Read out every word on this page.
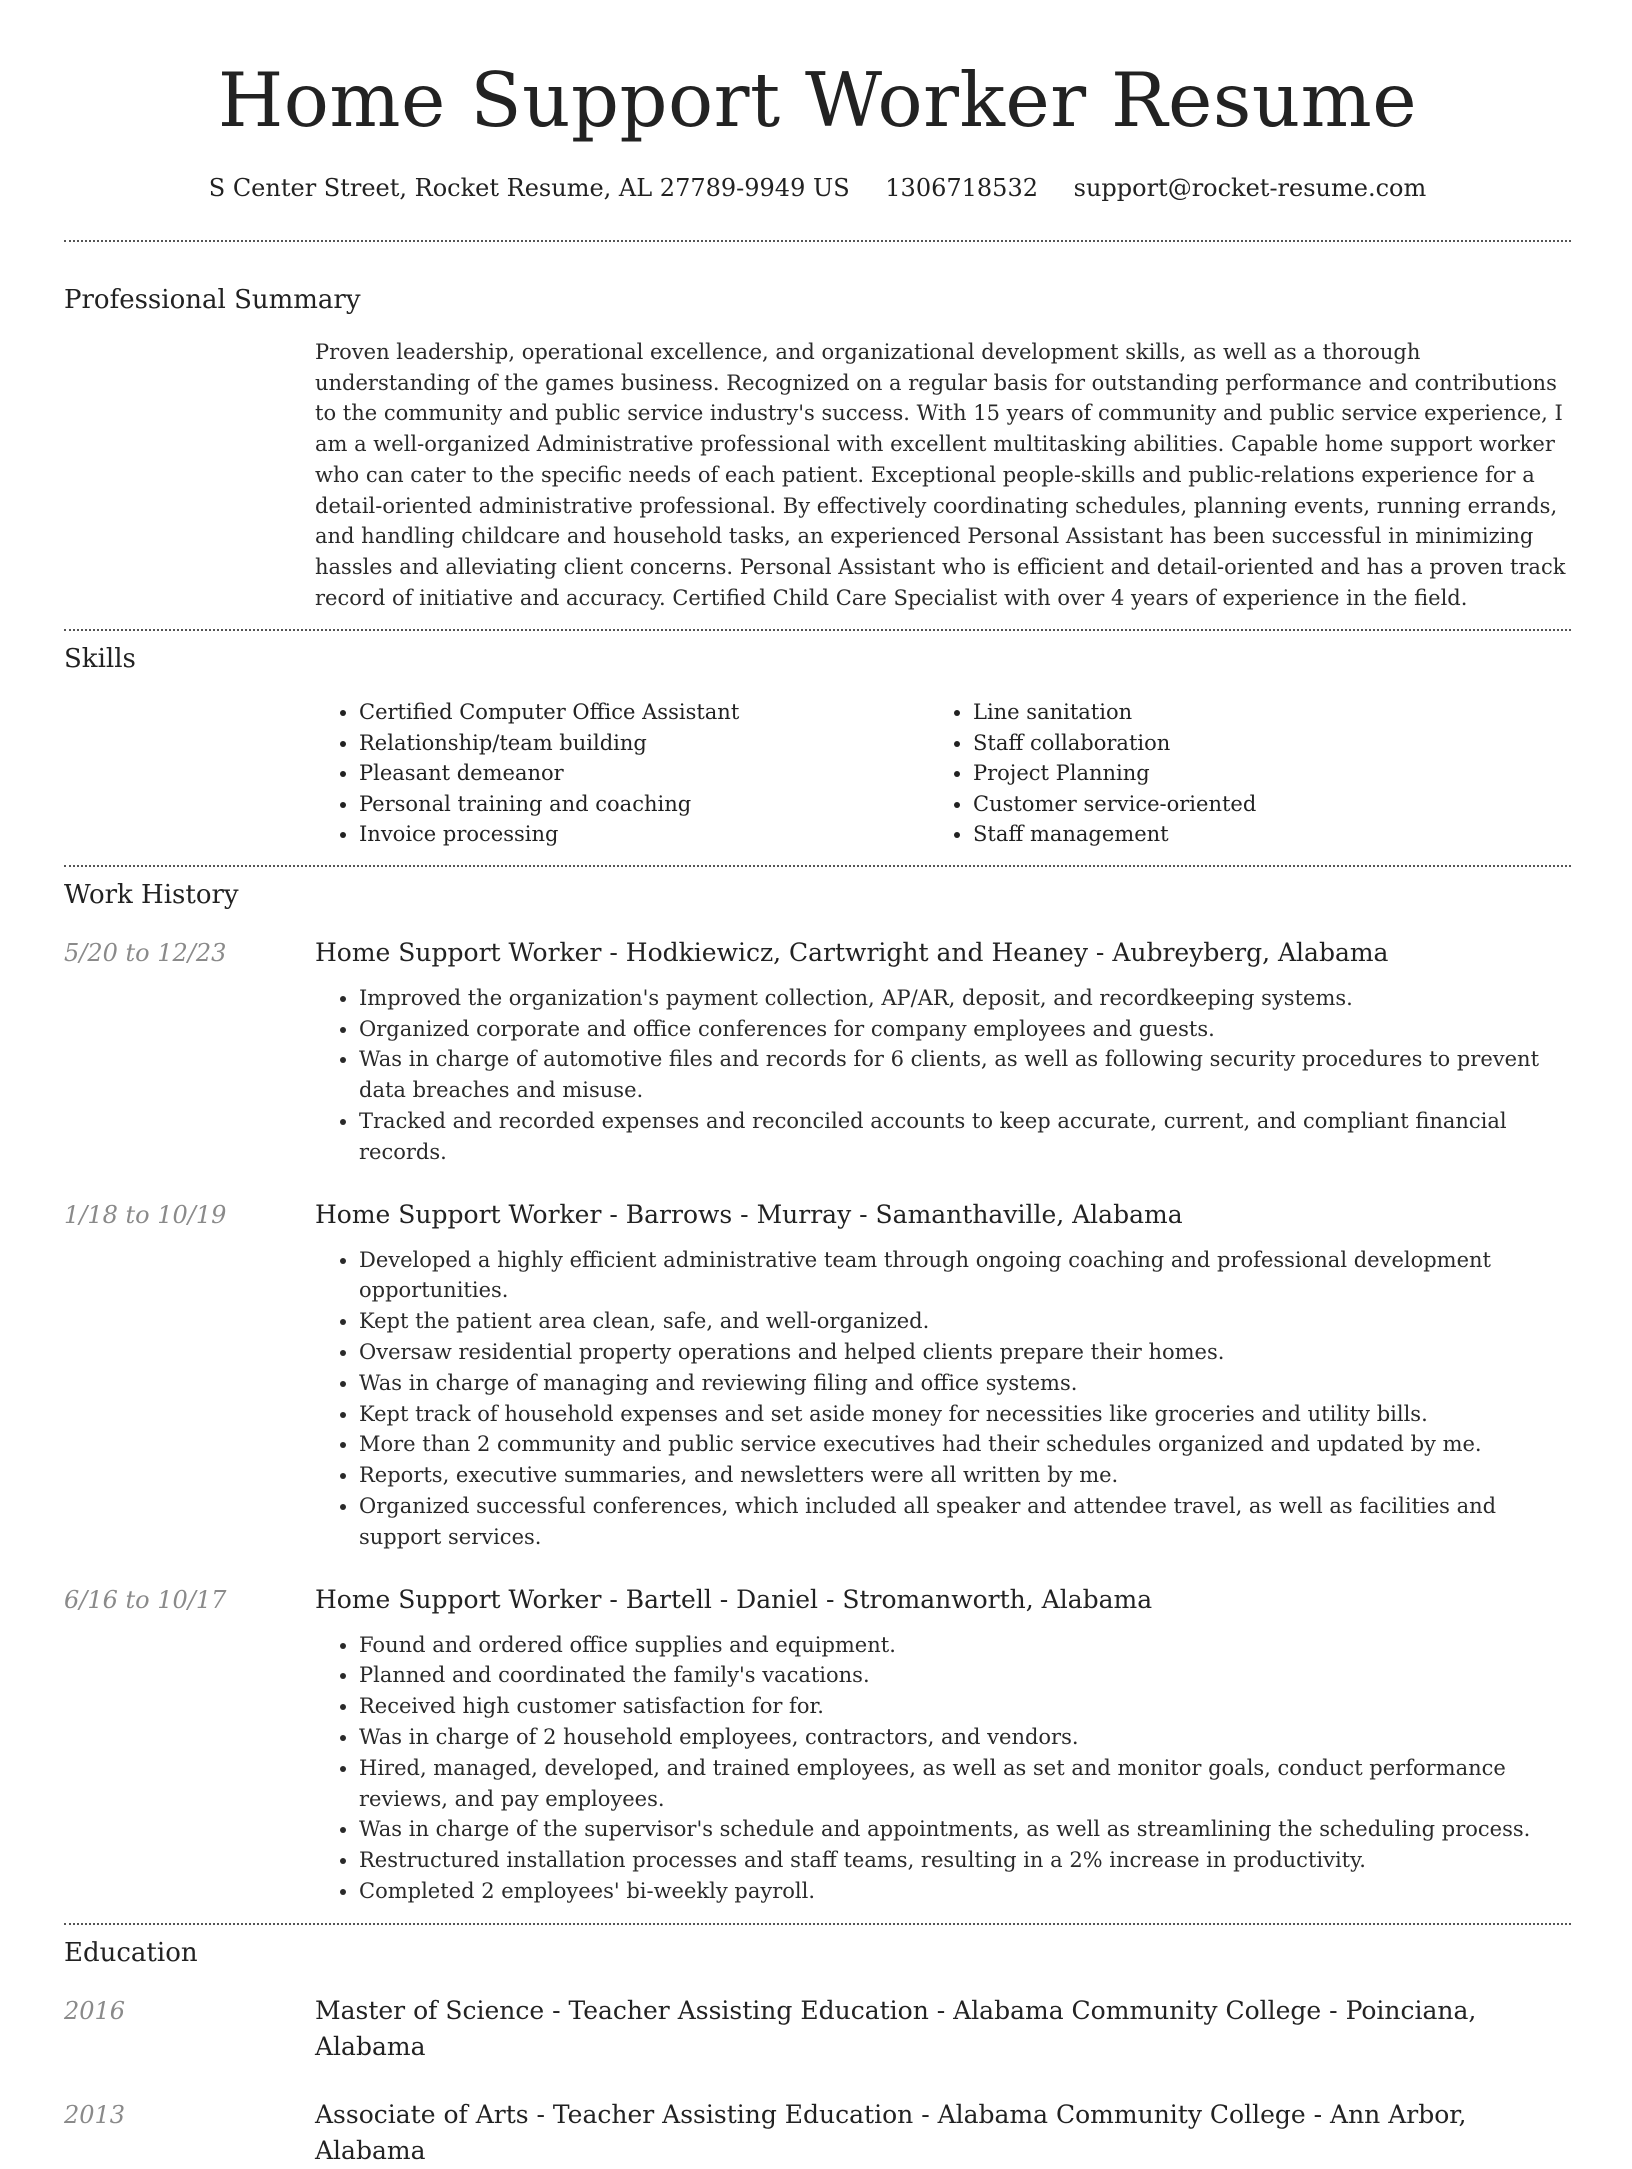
Home Support Worker Resume
S Center Street, Rocket Resume, AL 27789-9949 US 1306718532 support@rocket-resume.com
Professional Summary

Proven leadership, operational excellence, and organizational development skills, as well as a thorough understanding of the games business. Recognized on a regular basis for outstanding performance and contributions to the community and public service industry's success. With 15 years of community and public service experience, I am a well-organized Administrative professional with excellent multitasking abilities. Capable home support worker who can cater to the specific needs of each patient. Exceptional people-skills and public-relations experience for a detail-oriented administrative professional. By effectively coordinating schedules, planning events, running errands, and handling childcare and household tasks, an experienced Personal Assistant has been successful in minimizing hassles and alleviating client concerns. Personal Assistant who is efficient and detail-oriented and has a proven track record of initiative and accuracy. Certified Child Care Specialist with over 4 years of experience in the field.

Skills
• Certified Computer Office Assistant
• Relationship/team building
• Pleasant demeanor
• Personal training and coaching
• Invoice processing
• Line sanitation
• Staff collaboration
• Project Planning
• Customer service-oriented
• Staff management
Work History
5/20 to 12/23	Home Support Worker - Hodkiewicz, Cartwright and Heaney - Aubreyberg, Alabama
• Improved the organization's payment collection, AP/AR, deposit, and recordkeeping systems.
• Organized corporate and office conferences for company employees and guests.
• Was in charge of automotive files and records for 6 clients, as well as following security procedures to prevent data breaches and misuse.
• Tracked and recorded expenses and reconciled accounts to keep accurate, current, and compliant financial records.
1/18 to 10/19	Home Support Worker - Barrows - Murray - Samanthaville, Alabama
• Developed a highly efficient administrative team through ongoing coaching and professional development opportunities.
• Kept the patient area clean, safe, and well-organized.
• Oversaw residential property operations and helped clients prepare their homes.
• Was in charge of managing and reviewing filing and office systems.
• Kept track of household expenses and set aside money for necessities like groceries and utility bills.
• More than 2 community and public service executives had their schedules organized and updated by me.
• Reports, executive summaries, and newsletters were all written by me.
• Organized successful conferences, which included all speaker and attendee travel, as well as facilities and support services.
6/16 to 10/17	Home Support Worker - Bartell - Daniel - Stromanworth, Alabama
• Found and ordered office supplies and equipment.
• Planned and coordinated the family's vacations.
• Received high customer satisfaction for for.
• Was in charge of 2 household employees, contractors, and vendors.
• Hired, managed, developed, and trained employees, as well as set and monitor goals, conduct performance reviews, and pay employees.
• Was in charge of the supervisor's schedule and appointments, as well as streamlining the scheduling process.
• Restructured installation processes and staff teams, resulting in a 2% increase in productivity.
• Completed 2 employees' bi-weekly payroll.
Education
2016	Master of Science - Teacher Assisting Education - Alabama Community College - Poinciana, Alabama
2013	Associate of Arts - Teacher Assisting Education - Alabama Community College - Ann Arbor, Alabama
